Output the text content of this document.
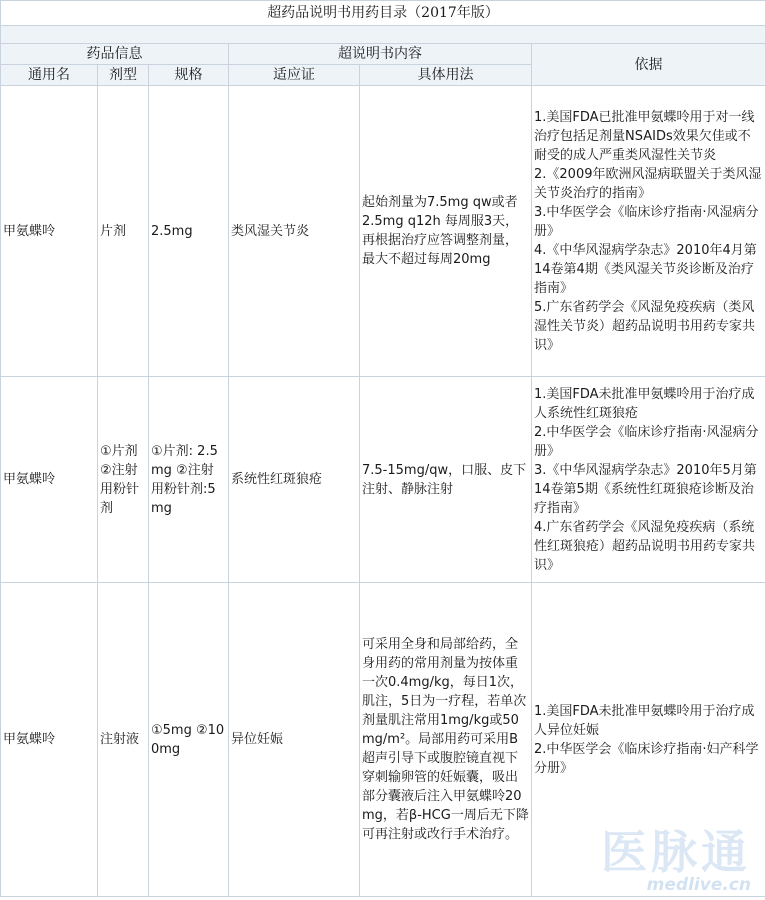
超药品说明书用药目录（2017年版）					

药品信息			超说明书内容		依据
通用名	剂型	规格	适应证	具体用法	
甲氨蝶呤	片剂	2.5mg	类风湿关节炎	起始剂量为7.5mg qw或者2.5mg q12h 每周服3天，再根据治疗应答调整剂量，最大不超过每周20mg	1.美国FDA已批准甲氨蝶呤用于对一线治疗包括足剂量NSAIDs效果欠佳或不耐受的成人严重类风湿性关节炎
2.《2009年欧洲风湿病联盟关于类风湿关节炎治疗的指南》
3.中华医学会《临床诊疗指南·风湿病分册》
4.《中华风湿病学杂志》2010年4月第14卷第4期《类风湿关节炎诊断及治疗指南》
5.广东省药学会《风湿免疫疾病（类风湿性关节炎）超药品说明书用药专家共识》

甲氨蝶呤	①片剂 ②注射用粉针剂	①片剂: 2.5mg ②注射用粉针剂:5mg	系统性红斑狼疮	7.5-15mg/qw，口服、皮下注射、静脉注射	1.美国FDA未批准甲氨蝶呤用于治疗成人系统性红斑狼疮
2.中华医学会《临床诊疗指南·风湿病分册》
3.《中华风湿病学杂志》2010年5月第14卷第5期《系统性红斑狼疮诊断及治疗指南》
4.广东省药学会《风湿免疫疾病（系统性红斑狼疮）超药品说明书用药专家共识》

甲氨蝶呤	注射液	①5mg ②100mg	异位妊娠	可采用全身和局部给药，全身用药的常用剂量为按体重一次0.4mg/kg，每日1次，肌注，5日为一疗程，若单次剂量肌注常用1mg/kg或50mg/m²。局部用药可采用B超声引导下或腹腔镜直视下穿刺输卵管的妊娠囊，吸出部分囊液后注入甲氨蝶呤20mg，若β-HCG一周后无下降可再注射或改行手术治疗。	1.美国FDA未批准甲氨蝶呤用于治疗成人异位妊娠
2.中华医学会《临床诊疗指南·妇产科学分册》
医脉通
medlive.cn
